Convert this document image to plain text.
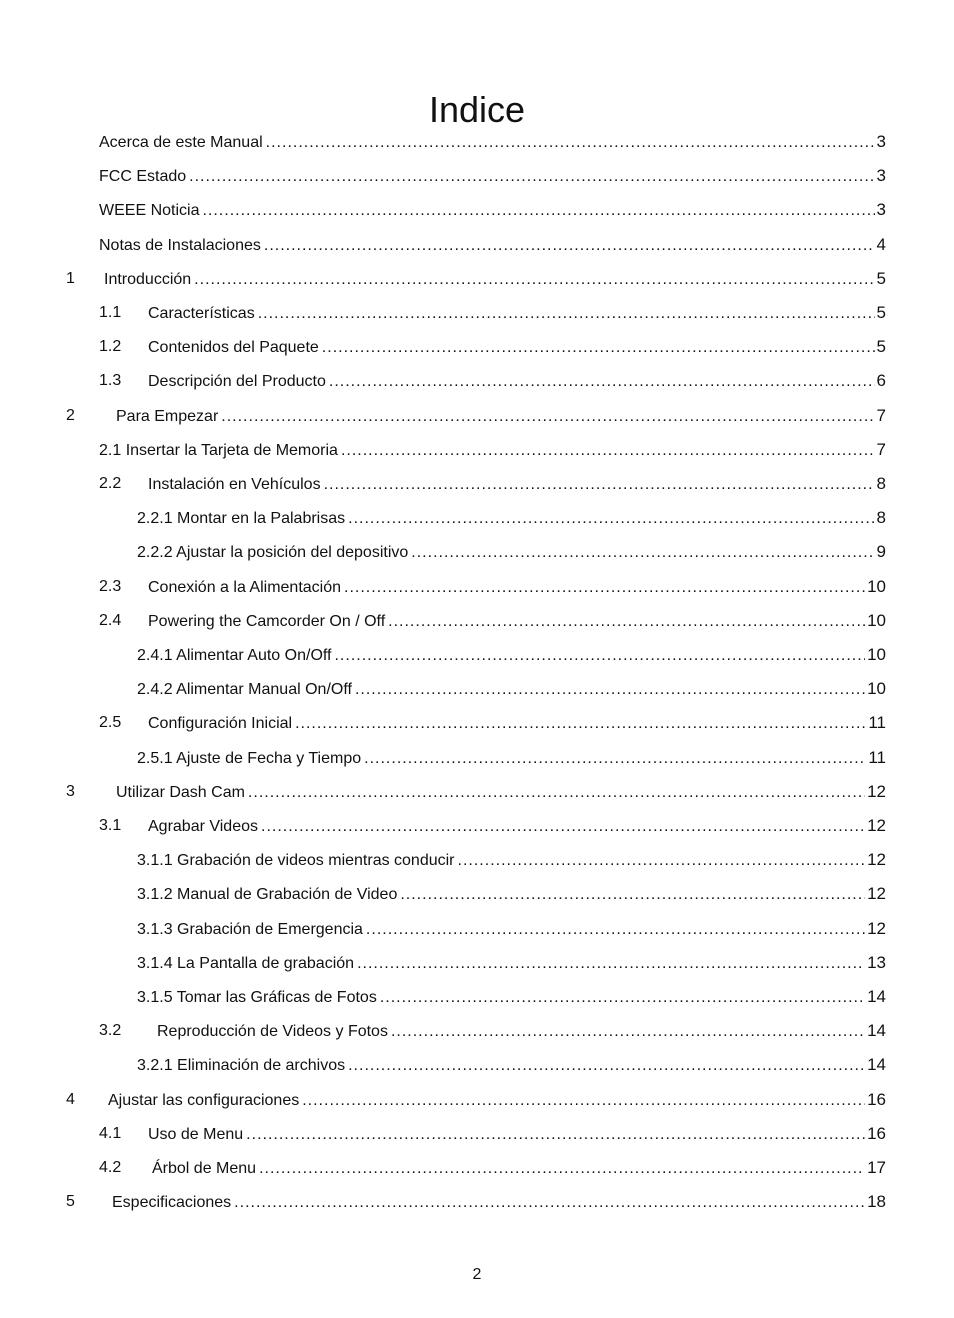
Indice
Acerca de este Manual .....	3
FCC Estado .....	3
WEEE Noticia .....	3
Notas de Instalaciones .....	4
1 Introducción .....	5
1.1 Características .....	5
1.2 Contenidos del Paquete .....	5
1.3 Descripción del Producto .....	6
2	Para Empezar .....	7
2.1 Insertar la Tarjeta de Memoria .....	7
2.2 Instalación en Vehículos .....	8
2.2.1 Montar en la Palabrisas .....	8
2.2.2 Ajustar la posición del depositivo .....	9
2.3 Conexión a la Alimentación .....	10
2.4 Powering the Camcorder On / Off .....	10
2.4.1 Alimentar Auto On/Off .....	10
2.4.2 Alimentar Manual On/Off .....	10
2.5 Configuración Inicial .....	11
2.5.1 Ajuste de Fecha y Tiempo .....	11
3	Utilizar Dash Cam .....	12
3.1 Agrabar Videos .....	12
3.1.1 Grabación de videos mientras conducir .....	12
3.1.2 Manual de Grabación de Video .....	12
3.1.3 Grabación de Emergencia .....	12
3.1.4 La Pantalla de grabación .....	13
3.1.5 Tomar las Gráficas de Fotos .....	14
3.2 Reproducción de Videos y Fotos .....	14
3.2.1 Eliminación de archivos .....	14
4 Ajustar las configuraciones .....	16
4.1 Uso de Menu .....	16
4.2 Árbol de Menu .....	17
5 Especificaciones .....	18
2
